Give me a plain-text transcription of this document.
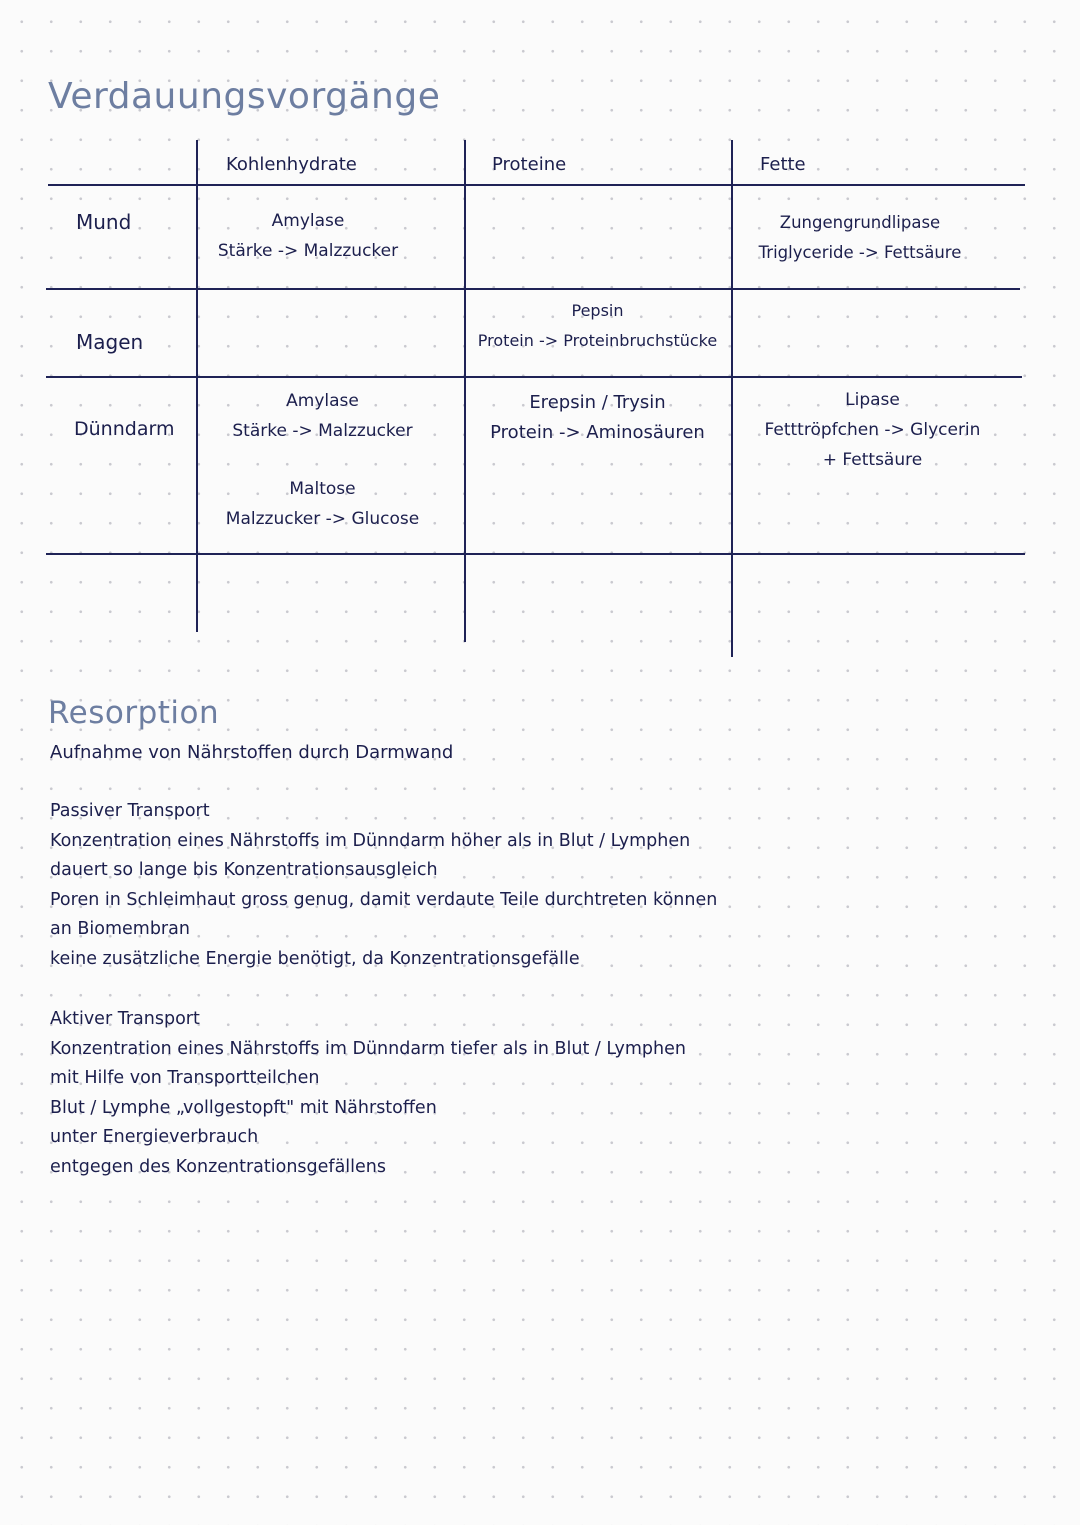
Verdauungsvorgänge
Kohlenhydrate	Proteine	Fette
Mund
Magen
Dünndarm
Amylase
Stärke -> Malzzucker
Zungengrundlipase
Triglyceride -> Fettsäure
Pepsin
Protein -> Proteinbruchstücke
Amylase
Stärke -> Malzzucker
Maltose
Malzzucker -> Glucose
Erepsin / Trysin
Protein -> Aminosäuren
Lipase
Fetttröpfchen -> Glycerin
+ Fettsäure
Resorption
Aufnahme von Nährstoffen durch Darmwand
Passiver Transport
Konzentration eines Nährstoffs im Dünndarm höher als in Blut / Lymphen
dauert so lange bis Konzentrationsausgleich
Poren in Schleimhaut gross genug, damit verdaute Teile durchtreten können
an Biomembran
keine zusätzliche Energie benötigt, da Konzentrationsgefälle
Aktiver Transport
Konzentration eines Nährstoffs im Dünndarm tiefer als in Blut / Lymphen
mit Hilfe von Transportteilchen
Blut / Lymphe „vollgestopft" mit Nährstoffen
unter Energieverbrauch
entgegen des Konzentrationsgefällens
